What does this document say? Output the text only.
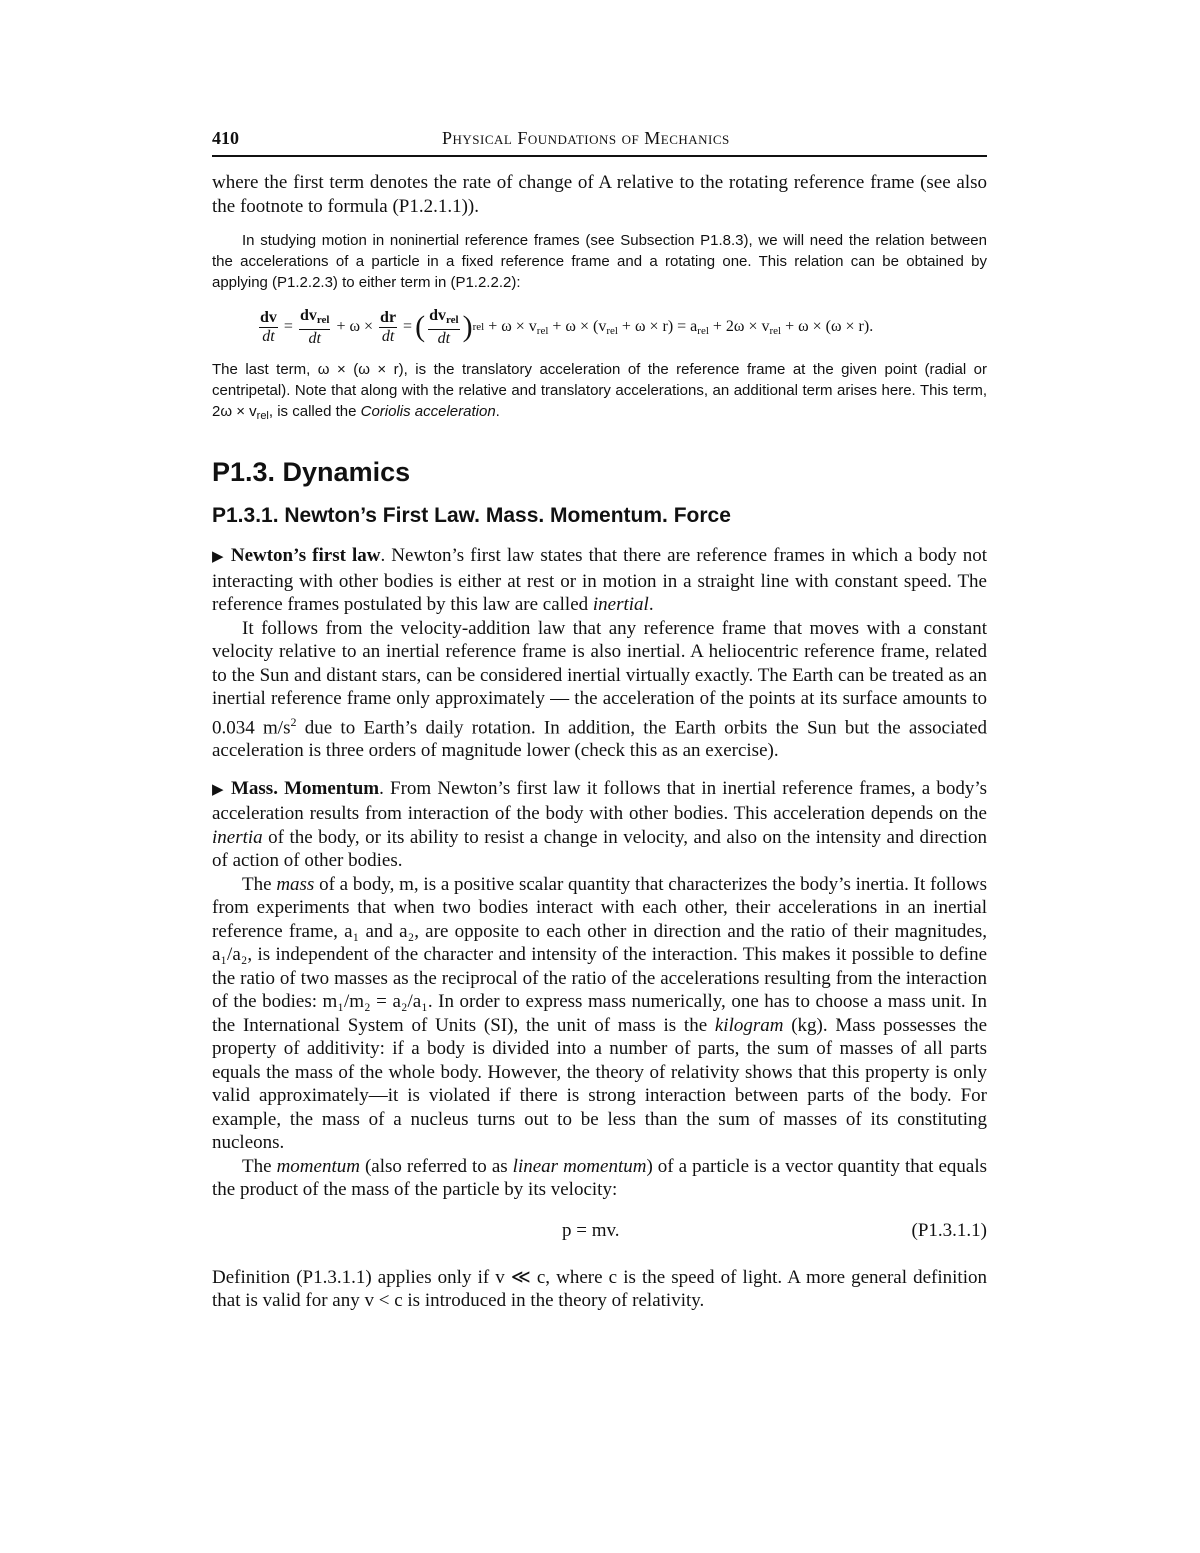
410	Physical Foundations of Mechanics

where the first term denotes the rate of change of A relative to the rotating reference frame (see also the footnote to formula (P1.2.1.1)).

In studying motion in noninertial reference frames (see Subsection P1.8.3), we will need the relation between the accelerations of a particle in a fixed reference frame and a rotating one. This relation can be obtained by applying (P1.2.2.3) to either term in (P1.2.2.2):

$\frac{dv}{dt} = \frac{dv_{rel}}{dt} + \omega \times \frac{dr}{dt}$ = ( $\frac{dv_{rel}}{dt}$ ) rel + $\omega \times v_{rel} + \omega \times (v_{rel} + \omega \times r) = a_{rel} + 2\omega \times v_{rel} + \omega \times (\omega \times r)$.

The last term, ω × (ω × r), is the translatory acceleration of the reference frame at the given point (radial or centripetal). Note that along with the relative and translatory accelerations, an additional term arises here. This term, $2\omega \times v_{rel}$, is called the Coriolis acceleration.

P1.3. Dynamics
P1.3.1. Newton’s First Law. Mass. Momentum. Force

▶ Newton’s first law. Newton’s first law states that there are reference frames in which a body not interacting with other bodies is either at rest or in motion in a straight line with constant speed. The reference frames postulated by this law are called inertial.

It follows from the velocity-addition law that any reference frame that moves with a constant velocity relative to an inertial reference frame is also inertial. A heliocentric reference frame, related to the Sun and distant stars, can be considered inertial virtually exactly. The Earth can be treated as an inertial reference frame only approximately — the acceleration of the points at its surface amounts to 0.034 $m/s^2$ due to Earth’s daily rotation. In addition, the Earth orbits the Sun but the associated acceleration is three orders of magnitude lower (check this as an exercise).

▶ Mass. Momentum. From Newton’s first law it follows that in inertial reference frames, a body’s acceleration results from interaction of the body with other bodies. This acceleration depends on the inertia of the body, or its ability to resist a change in velocity, and also on the intensity and direction of action of other bodies.

The mass of a body, m, is a positive scalar quantity that characterizes the body’s inertia. It follows from experiments that when two bodies interact with each other, their accelerations in an inertial reference frame, a₁ and a₂, are opposite to each other in direction and the ratio of their magnitudes, a₁/a₂, is independent of the character and intensity of the interaction. This makes it possible to define the ratio of two masses as the reciprocal of the ratio of the accelerations resulting from the interaction of the bodies: m₁/m₂ = a₂/a₁. In order to express mass numerically, one has to choose a mass unit. In the International System of Units (SI), the unit of mass is the kilogram (kg). Mass possesses the property of additivity: if a body is divided into a number of parts, the sum of masses of all parts equals the mass of the whole body. However, the theory of relativity shows that this property is only valid approximately—it is violated if there is strong interaction between parts of the body. For example, the mass of a nucleus turns out to be less than the sum of masses of its constituting nucleons.

The momentum (also referred to as linear momentum) of a particle is a vector quantity that equals the product of the mass of the particle by its velocity:

p = mv.	(P1.3.1.1)

Definition (P1.3.1.1) applies only if v ≪ c, where c is the speed of light. A more general definition that is valid for any v < c is introduced in the theory of relativity.
